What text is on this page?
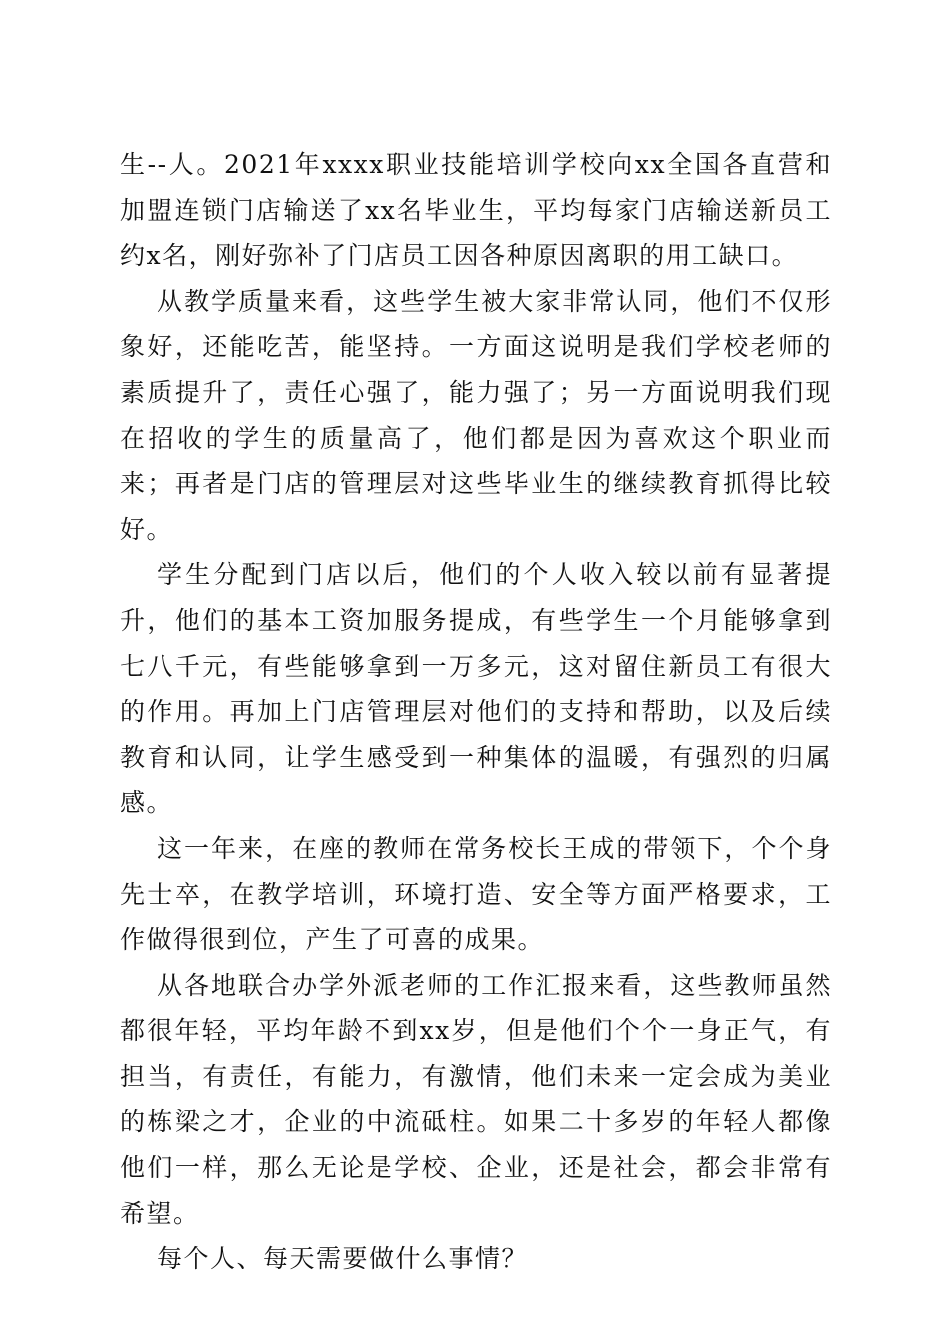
生--人。2021年xxxx职业技能培训学校向xx全国各直营和加盟连锁门店输送了xx名毕业生，平均每家门店输送新员工约x名，刚好弥补了门店员工因各种原因离职的用工缺口。

从教学质量来看，这些学生被大家非常认同，他们不仅形象好，还能吃苦，能坚持。一方面这说明是我们学校老师的素质提升了，责任心强了，能力强了；另一方面说明我们现在招收的学生的质量高了，他们都是因为喜欢这个职业而来；再者是门店的管理层对这些毕业生的继续教育抓得比较好。

学生分配到门店以后，他们的个人收入较以前有显著提升，他们的基本工资加服务提成，有些学生一个月能够拿到七八千元，有些能够拿到一万多元，这对留住新员工有很大的作用。再加上门店管理层对他们的支持和帮助，以及后续教育和认同，让学生感受到一种集体的温暖，有强烈的归属感。

这一年来，在座的教师在常务校长王成的带领下，个个身先士卒，在教学培训，环境打造、安全等方面严格要求，工作做得很到位，产生了可喜的成果。

从各地联合办学外派老师的工作汇报来看，这些教师虽然都很年轻，平均年龄不到xx岁，但是他们个个一身正气，有担当，有责任，有能力，有激情，他们未来一定会成为美业的栋梁之才，企业的中流砥柱。如果二十多岁的年轻人都像他们一样，那么无论是学校、企业，还是社会，都会非常有希望。

每个人、每天需要做什么事情？
